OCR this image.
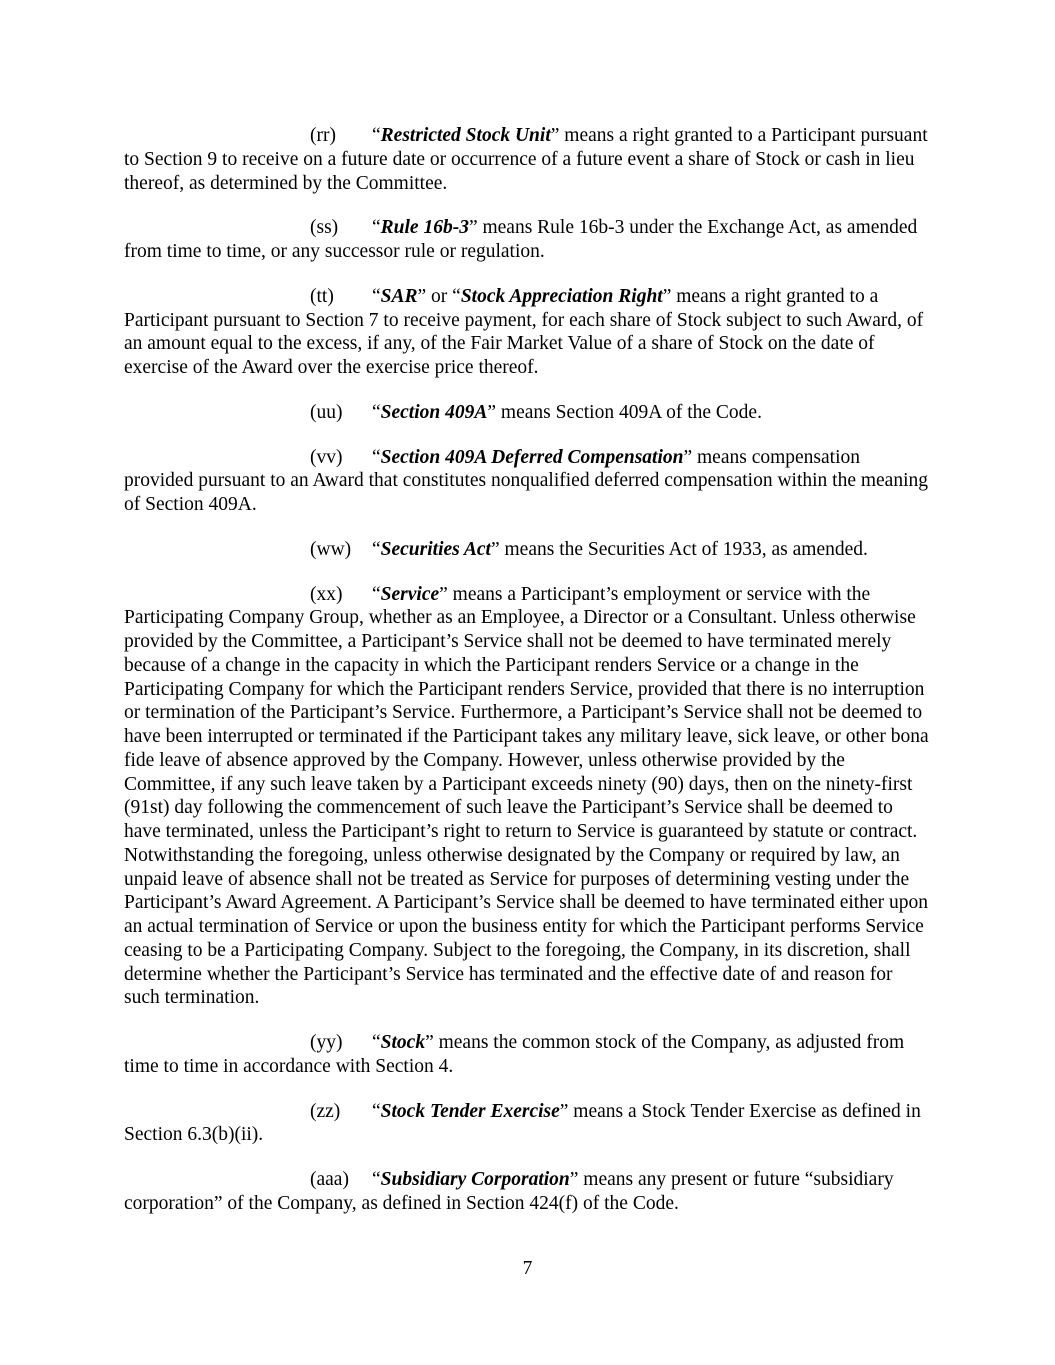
(rr) “Restricted Stock Unit” means a right granted to a Participant pursuant to Section 9 to receive on a future date or occurrence of a future event a share of Stock or cash in lieu thereof, as determined by the Committee.

(ss) “Rule 16b-3” means Rule 16b-3 under the Exchange Act, as amended from time to time, or any successor rule or regulation.

(tt) “SAR” or “Stock Appreciation Right” means a right granted to a Participant pursuant to Section 7 to receive payment, for each share of Stock subject to such Award, of an amount equal to the excess, if any, of the Fair Market Value of a share of Stock on the date of exercise of the Award over the exercise price thereof.

(uu) “Section 409A” means Section 409A of the Code.

(vv) “Section 409A Deferred Compensation” means compensation provided pursuant to an Award that constitutes nonqualified deferred compensation within the meaning of Section 409A.

(ww) “Securities Act” means the Securities Act of 1933, as amended.

(xx) “Service” means a Participant’s employment or service with the Participating Company Group, whether as an Employee, a Director or a Consultant. Unless otherwise provided by the Committee, a Participant’s Service shall not be deemed to have terminated merely because of a change in the capacity in which the Participant renders Service or a change in the Participating Company for which the Participant renders Service, provided that there is no interruption or termination of the Participant’s Service. Furthermore, a Participant’s Service shall not be deemed to have been interrupted or terminated if the Participant takes any military leave, sick leave, or other bona fide leave of absence approved by the Company. However, unless otherwise provided by the Committee, if any such leave taken by a Participant exceeds ninety (90) days, then on the ninety-first (91st) day following the commencement of such leave the Participant’s Service shall be deemed to have terminated, unless the Participant’s right to return to Service is guaranteed by statute or contract. Notwithstanding the foregoing, unless otherwise designated by the Company or required by law, an unpaid leave of absence shall not be treated as Service for purposes of determining vesting under the Participant’s Award Agreement. A Participant’s Service shall be deemed to have terminated either upon an actual termination of Service or upon the business entity for which the Participant performs Service ceasing to be a Participating Company. Subject to the foregoing, the Company, in its discretion, shall determine whether the Participant’s Service has terminated and the effective date of and reason for such termination.

(yy) “Stock” means the common stock of the Company, as adjusted from time to time in accordance with Section 4.

(zz) “Stock Tender Exercise” means a Stock Tender Exercise as defined in Section 6.3(b)(ii).

(aaa) “Subsidiary Corporation” means any present or future “subsidiary corporation” of the Company, as defined in Section 424(f) of the Code.

7
